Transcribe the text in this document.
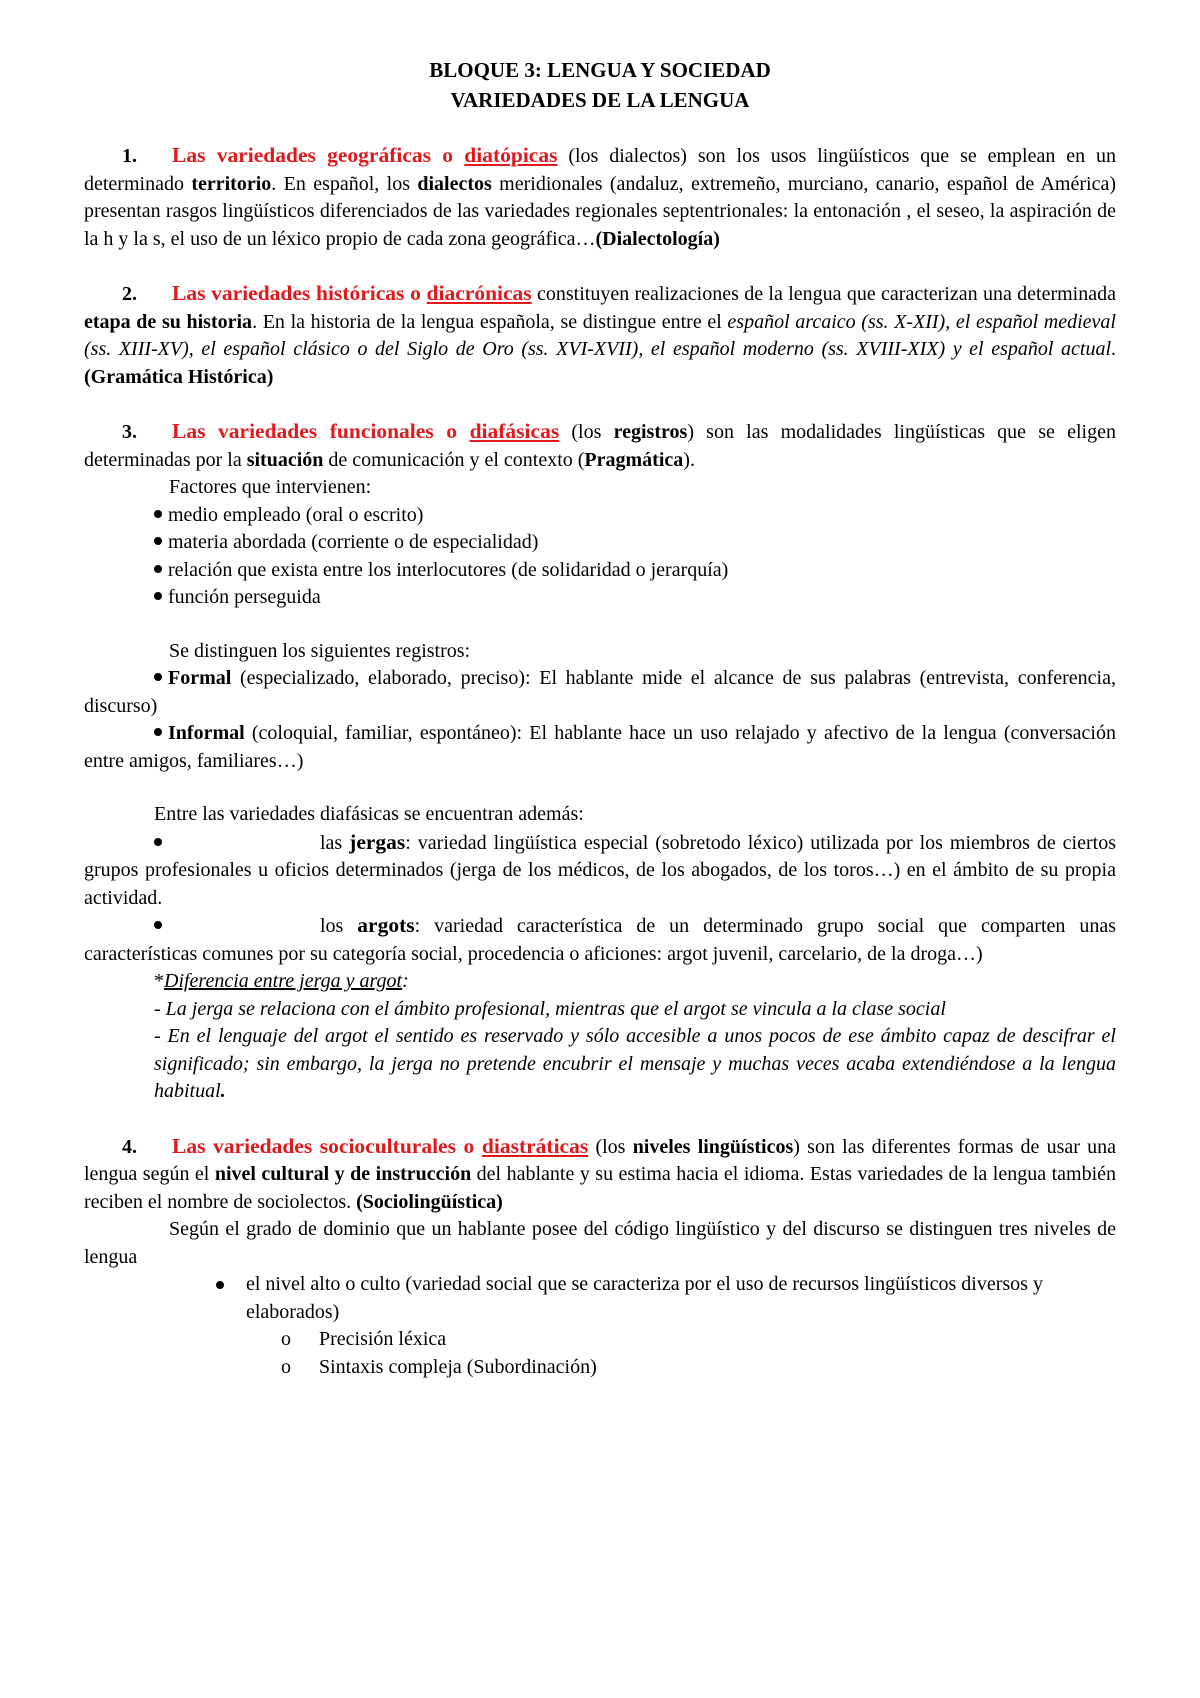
BLOQUE 3: LENGUA Y SOCIEDAD

VARIEDADES DE LA LENGUA

1. Las variedades geográficas o diatópicas (los dialectos) son los usos lingüísticos que se emplean en un determinado territorio. En español, los dialectos meridionales (andaluz, extremeño, murciano, canario, español de América) presentan rasgos lingüísticos diferenciados de las variedades regionales septentrionales: la entonación , el seseo, la aspiración de la h y la s, el uso de un léxico propio de cada zona geográfica…(Dialectología)
2. Las variedades históricas o diacrónicas constituyen realizaciones de la lengua que caracterizan una determinada etapa de su historia. En la historia de la lengua española, se distingue entre el español arcaico (ss. X-XII), el español medieval (ss. XIII-XV), el español clásico o del Siglo de Oro (ss. XVI-XVII), el español moderno (ss. XVIII-XIX) y el español actual. (Gramática Histórica)
3. Las variedades funcionales o diafásicas (los registros) son las modalidades lingüísticas que se eligen determinadas por la situación de comunicación y el contexto (Pragmática).
Factores que intervienen:
medio empleado (oral o escrito)
materia abordada (corriente o de especialidad)
relación que exista entre los interlocutores (de solidaridad o jerarquía)
función perseguida
Se distinguen los siguientes registros:
Formal (especializado, elaborado, preciso): El hablante mide el alcance de sus palabras (entrevista, conferencia, discurso)
Informal (coloquial, familiar, espontáneo): El hablante hace un uso relajado y afectivo de la lengua (conversación entre amigos, familiares…)
Entre las variedades diafásicas se encuentran además:
las jergas: variedad lingüística especial (sobretodo léxico) utilizada por los miembros de ciertos grupos profesionales u oficios determinados (jerga de los médicos, de los abogados, de los toros…) en el ámbito de su propia actividad.
los argots: variedad característica de un determinado grupo social que comparten unas características comunes por su categoría social, procedencia o aficiones: argot juvenil, carcelario, de la droga…)
*Diferencia entre jerga y argot:
- La jerga se relaciona con el ámbito profesional, mientras que el argot se vincula a la clase social
- En el lenguaje del argot el sentido es reservado y sólo accesible a unos pocos de ese ámbito capaz de descifrar el significado; sin embargo, la jerga no pretende encubrir el mensaje y muchas veces acaba extendiéndose a la lengua habitual.
4. Las variedades socioculturales o diastráticas (los niveles lingüísticos) son las diferentes formas de usar una lengua según el nivel cultural y de instrucción del hablante y su estima hacia el idioma. Estas variedades de la lengua también reciben el nombre de sociolectos. (Sociolingüística)
Según el grado de dominio que un hablante posee del código lingüístico y del discurso se distinguen tres niveles de lengua
el nivel alto o culto (variedad social que se caracteriza por el uso de recursos lingüísticos diversos y elaborados)
o Precisión léxica
o Sintaxis compleja (Subordinación)
